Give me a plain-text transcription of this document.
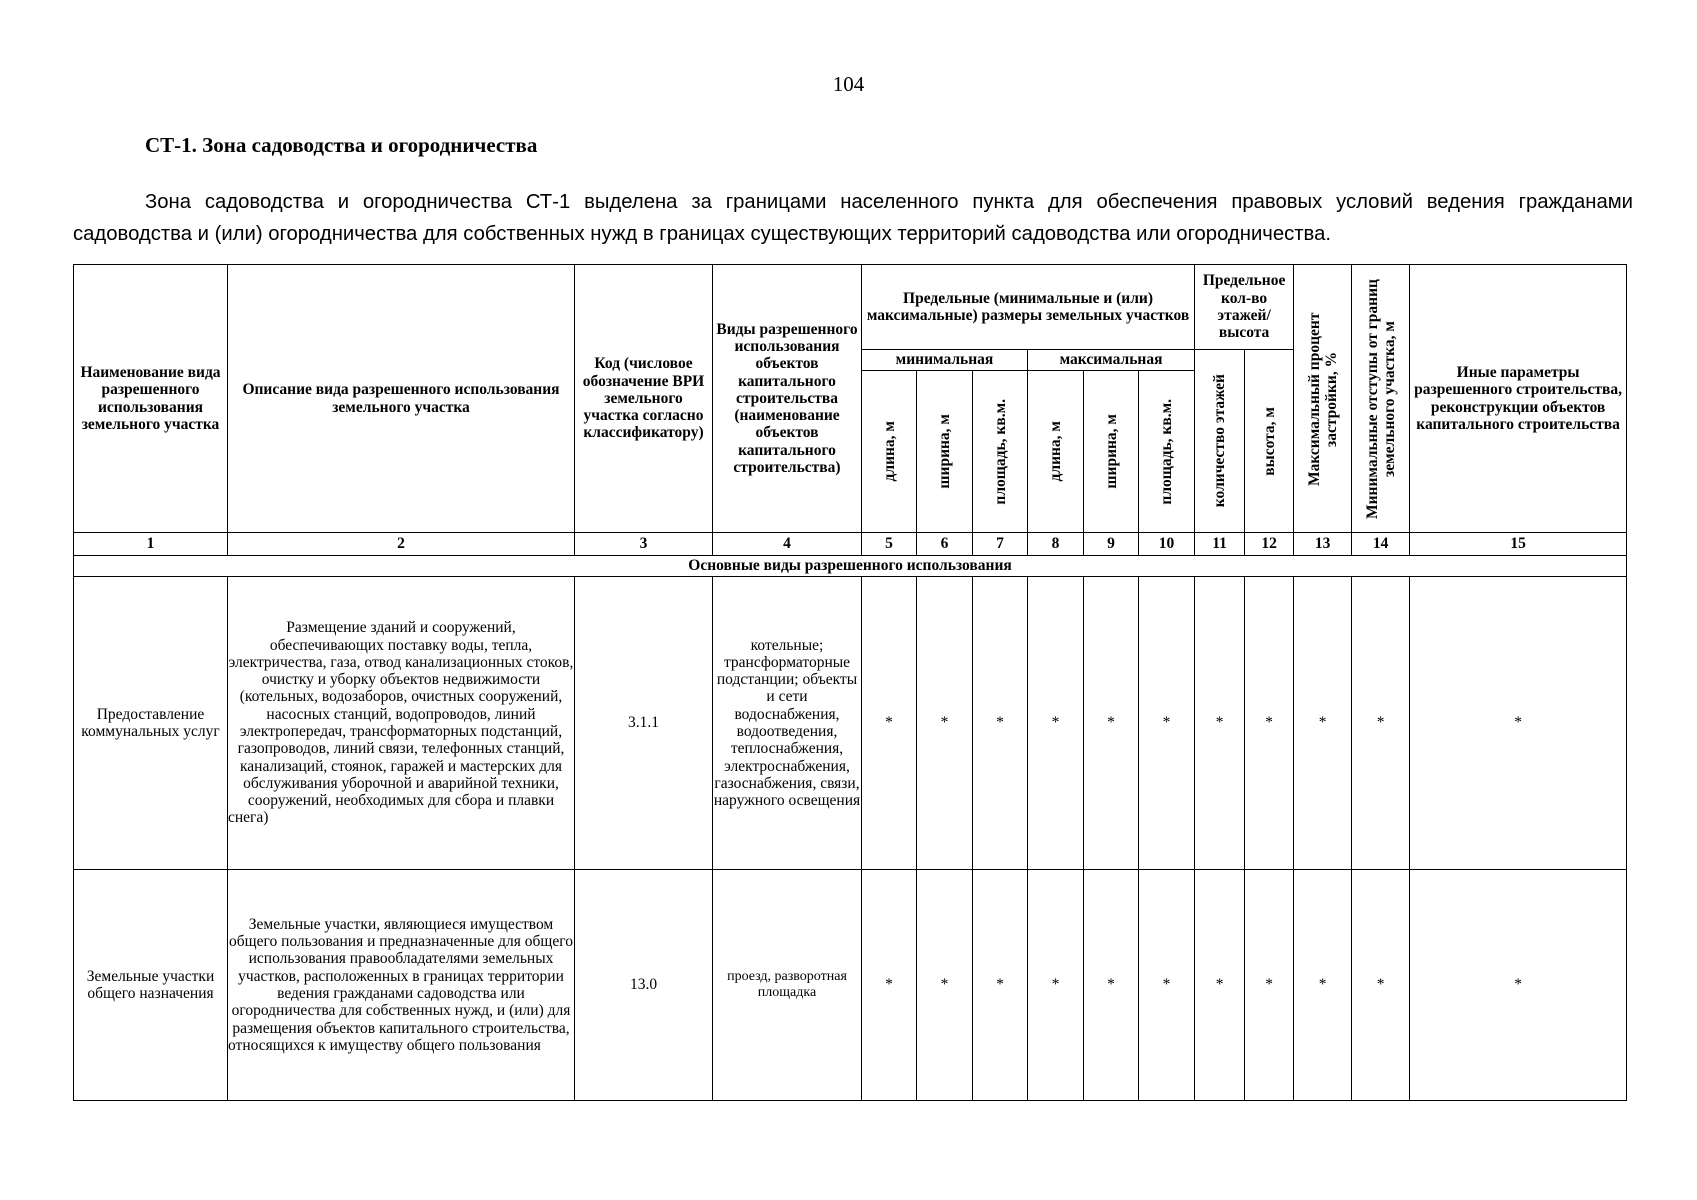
104
СТ-1. Зона садоводства и огородничества
Зона садоводства и огородничества СТ-1 выделена за границами населенного пункта для обеспечения правовых условий ведения гражданами садоводства и (или) огородничества для собственных нужд в границах существующих территорий садоводства или огородничества.
Наименование вида разрешенного использования земельного участка	Описание вида разрешенного использования земельного участка	Код (числовое обозначение ВРИ земельного участка согласно классификатору)	Виды разрешенного использования объектов капитального строительства (наименование объектов капитального строительства)	Предельные (минимальные и (или) максимальные) размеры земельных участков						Предельное кол-во этажей/ высота		Максимальный процент застройки, %	Минимальные отступы от границ земельного участка, м	Иные параметры разрешенного строительства, реконструкции объектов капитального строительства
				минимальная			максимальная			количество этажей	высота, м			

				длина, м	ширина, м	площадь, кв.м.	длина, м	ширина, м	площадь, кв.м.					

1	2	3	4	5	6	7	8	9	10	11	12	13	14	15
Основные виды разрешенного использования														
Предоставление коммунальных услуг	Размещение зданий и сооружений, обеспечивающих поставку воды, тепла, электричества, газа, отвод канализационных стоков, очистку и уборку объектов недвижимости (котельных, водозаборов, очистных сооружений, насосных станций, водопроводов, линий электропередач, трансформаторных подстанций, газопроводов, линий связи, телефонных станций, канализаций, стоянок, гаражей и мастерских для обслуживания уборочной и аварийной техники, сооружений, необходимых для сбора и плавки снега)	3.1.1	котельные; трансформаторные подстанции; объекты и сети водоснабжения, водоотведения, теплоснабжения, электроснабжения, газоснабжения, связи, наружного освещения	*	*	*	*	*	*	*	*	*	*	*
Земельные участки общего назначения	Земельные участки, являющиеся имуществом общего пользования и предназначенные для общего использования правообладателями земельных участков, расположенных в границах территории ведения гражданами садоводства или огородничества для собственных нужд, и (или) для размещения объектов капитального строительства, относящихся к имуществу общего пользования	13.0	проезд, разворотная площадка	*	*	*	*	*	*	*	*	*	*	*
